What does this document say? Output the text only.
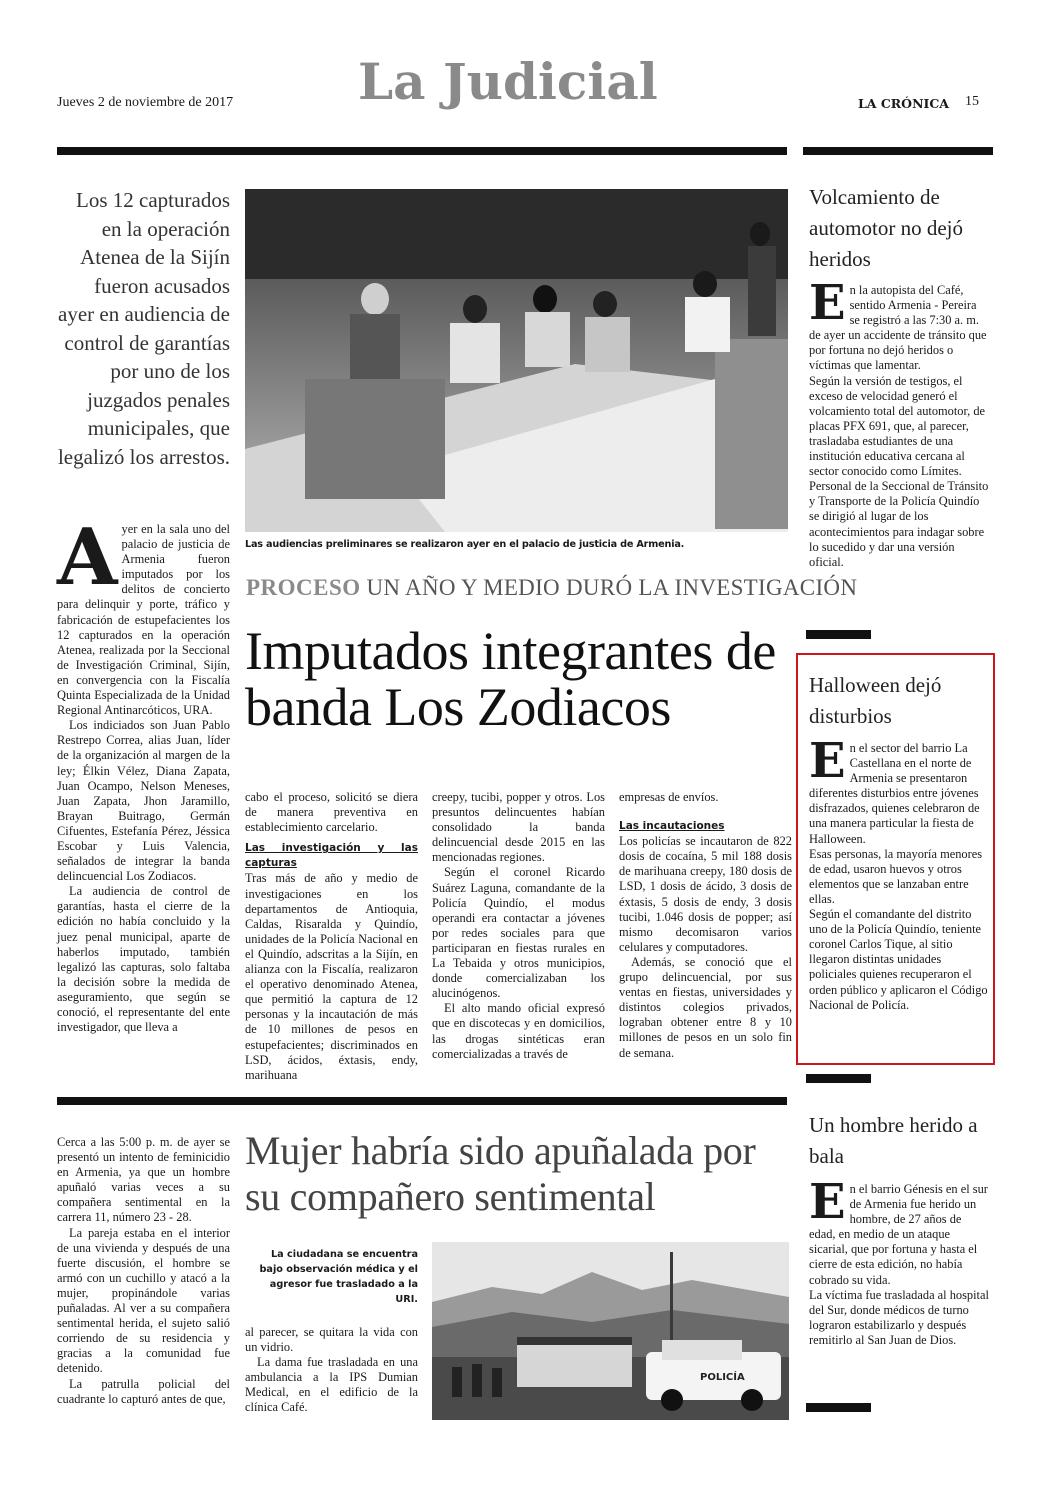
Jueves 2 de noviembre de 2017 La Judicial	LA CRÓNICA 15
Los 12 capturados en la operación Atenea de la Sijín fueron acusados ayer en audiencia de control de garantías por uno de los juzgados penales municipales, que legalizó los arrestos.
Las audiencias preliminares se realizaron ayer en el palacio de justicia de Armenia.
PROCESO UN AÑO Y MEDIO DURÓ LA INVESTIGACIÓN
Imputados integrantes de banda Los Zodiacos
A yer en la sala uno del palacio de justicia de Armenia fueron imputados por los delitos de concierto para delinquir y porte, tráfico y fabricación de estupefacientes los 12 capturados en la operación Atenea, realizada por la Seccional de Investigación Criminal, Sijín, en convergencia con la Fiscalía Quinta Especializada de la Unidad Regional Antinarcóticos, URA.

Los indiciados son Juan Pablo Restrepo Correa, alias Juan, líder de la organización al margen de la ley; Élkin Vélez, Diana Zapata, Juan Ocampo, Nelson Meneses, Juan Zapata, Jhon Jaramillo, Brayan Buitrago, Germán Cifuentes, Estefanía Pérez, Jéssica Escobar y Luis Valencia, señalados de integrar la banda delincuencial Los Zodiacos.

La audiencia de control de garantías, hasta el cierre de la edición no había concluido y la juez penal municipal, aparte de haberlos imputado, también legalizó las capturas, solo faltaba la decisión sobre la medida de aseguramiento, que según se conoció, el representante del ente investigador, que lleva a

cabo el proceso, solicitó se diera de manera preventiva en establecimiento carcelario.

Las investigación y las capturas

Tras más de año y medio de investigaciones en los departamentos de Antioquia, Caldas, Risaralda y Quindío, unidades de la Policía Nacional en el Quindío, adscritas a la Sijín, en alianza con la Fiscalía, realizaron el operativo denominado Atenea, que permitió la captura de 12 personas y la incautación de más de 10 millones de pesos en estupefacientes; discriminados en LSD, ácidos, éxtasis, endy, marihuana

creepy, tucibi, popper y otros. Los presuntos delincuentes habían consolidado la banda delincuencial desde 2015 en las mencionadas regiones.

Según el coronel Ricardo Suárez Laguna, comandante de la Policía Quindío, el modus operandi era contactar a jóvenes por redes sociales para que participaran en fiestas rurales en La Tebaida y otros municipios, donde comercializaban los alucinógenos.

El alto mando oficial expresó que en discotecas y en domicilios, las drogas sintéticas eran comercializadas a través de

empresas de envíos.

Las incautaciones

Los policías se incautaron de 822 dosis de cocaína, 5 mil 188 dosis de marihuana creepy, 180 dosis de LSD, 1 dosis de ácido, 3 dosis de éxtasis, 5 dosis de endy, 3 dosis tucibi, 1.046 dosis de popper; así mismo decomisaron varios celulares y computadores.

Además, se conoció que el grupo delincuencial, por sus ventas en fiestas, universidades y distintos colegios privados, lograban obtener entre 8 y 10 millones de pesos en un solo fin de semana.

Volcamiento de automotor no dejó heridos
E n la autopista del Café, sentido Armenia - Pereira se registró a las 7:30 a. m. de ayer un accidente de tránsito que por fortuna no dejó heridos o víctimas que lamentar.

Según la versión de testigos, el exceso de velocidad generó el volcamiento total del automotor, de placas PFX 691, que, al parecer, trasladaba estudiantes de una institución educativa cercana al sector conocido como Límites.

Personal de la Seccional de Tránsito y Transporte de la Policía Quindío se dirigió al lugar de los acontecimientos para indagar sobre lo sucedido y dar una versión oficial.

Halloween dejó disturbios
E n el sector del barrio La Castellana en el norte de Armenia se presentaron diferentes disturbios entre jóvenes disfrazados, quienes celebraron de una manera particular la fiesta de Halloween.

Esas personas, la mayoría menores de edad, usaron huevos y otros elementos que se lanzaban entre ellas.

Según el comandante del distrito uno de la Policía Quindío, teniente coronel Carlos Tique, al sitio llegaron distintas unidades policiales quienes recuperaron el orden público y aplicaron el Código Nacional de Policía.

Un hombre herido a bala
E n el barrio Génesis en el sur de Armenia fue herido un hombre, de 27 años de edad, en medio de un ataque sicarial, que por fortuna y hasta el cierre de esta edición, no había cobrado su vida.

La víctima fue trasladada al hospital del Sur, donde médicos de turno lograron estabilizarlo y después remitirlo al San Juan de Dios.

Mujer habría sido apuñalada por su compañero sentimental

Cerca a las 5:00 p. m. de ayer se presentó un intento de feminicidio en Armenia, ya que un hombre apuñaló varias veces a su compañera sentimental en la carrera 11, número 23 - 28.

La pareja estaba en el interior de una vivienda y después de una fuerte discusión, el hombre se armó con un cuchillo y atacó a la mujer, propinándole varias puñaladas. Al ver a su compañera sentimental herida, el sujeto salió corriendo de su residencia y gracias a la comunidad fue detenido.

La patrulla policial del cuadrante lo capturó antes de que,

La ciudadana se encuentra bajo observación médica y el agresor fue trasladado a la URI.

al parecer, se quitara la vida con un vidrio.

La dama fue trasladada en una ambulancia a la IPS Dumian Medical, en el edificio de la clínica Café.

POLICÍA
